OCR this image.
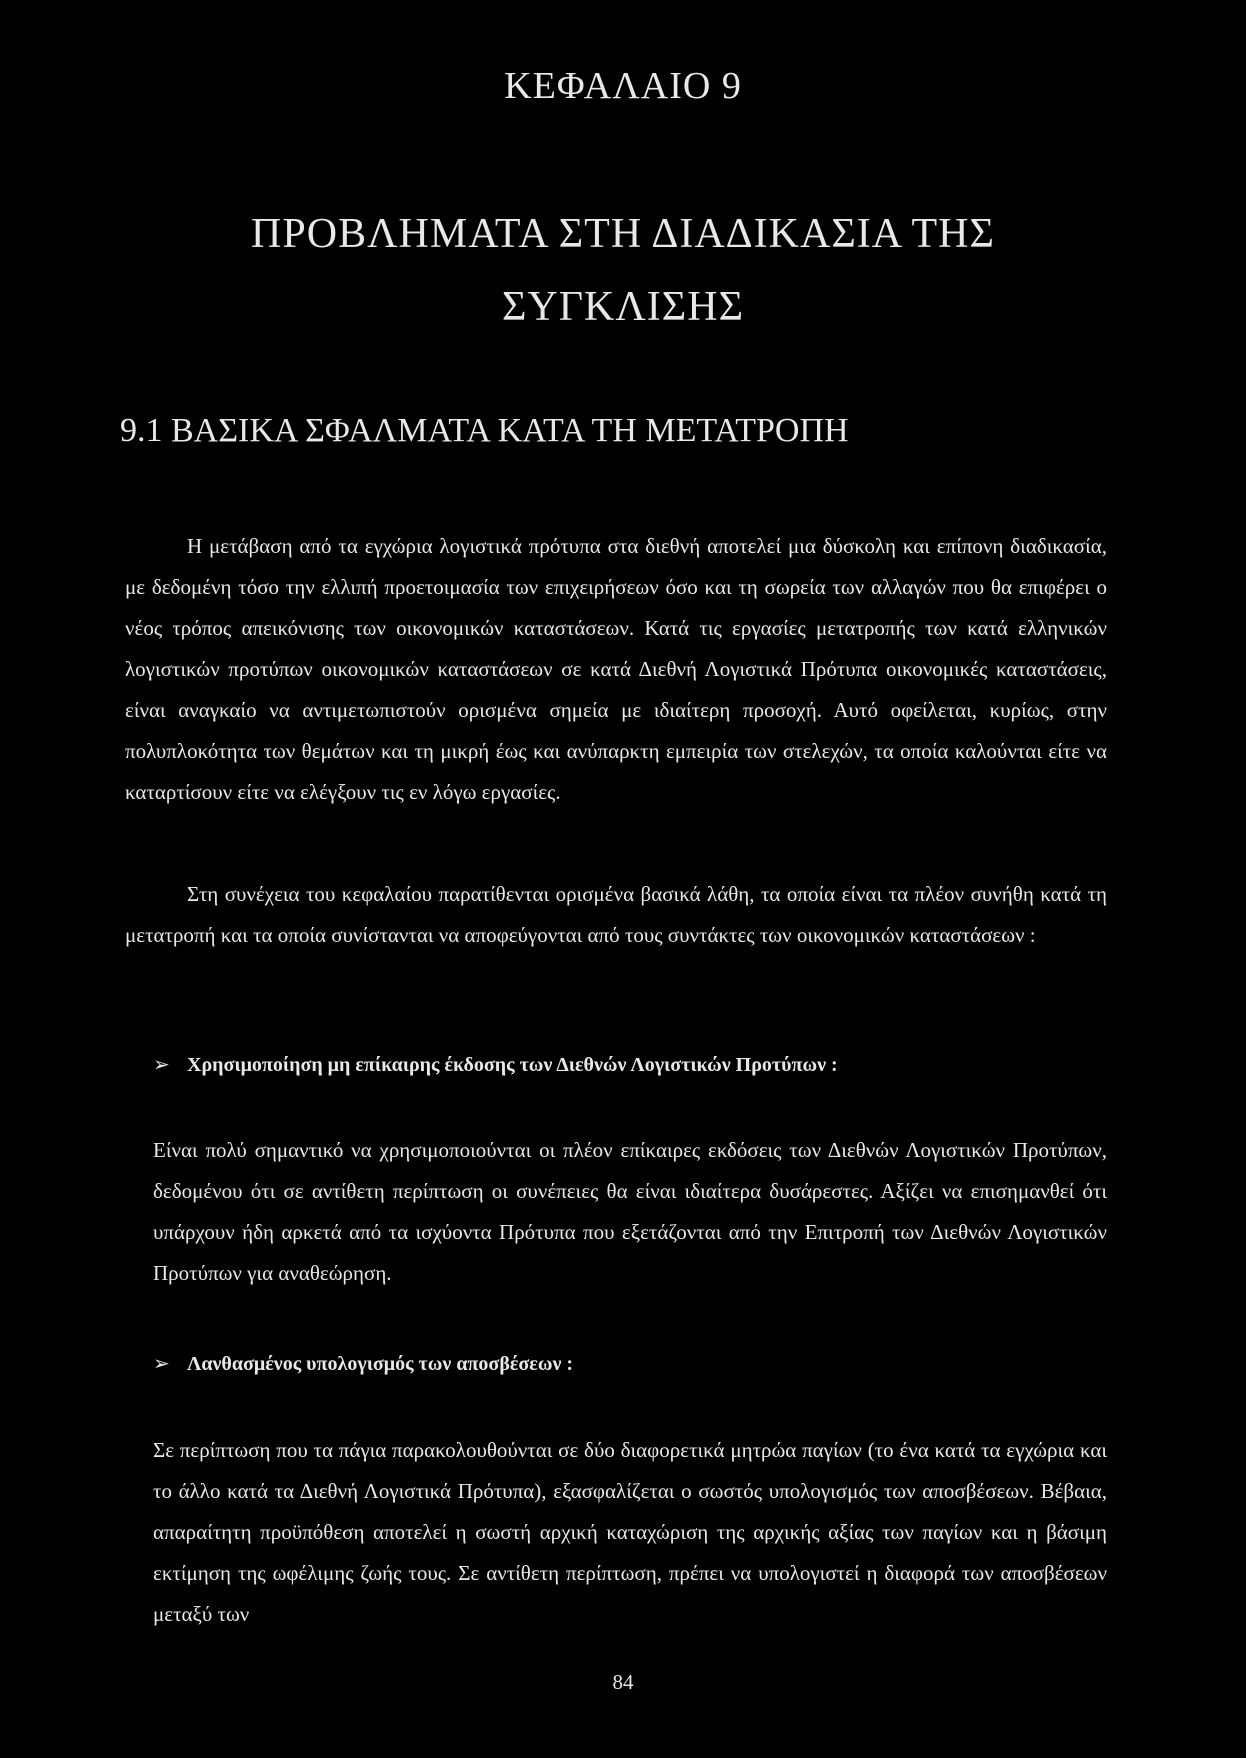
ΚΕΦΑΛΑΙΟ 9
ΠΡΟΒΛΗΜΑΤΑ ΣΤΗ ΔΙΑΔΙΚΑΣΙΑ ΤΗΣ
ΣΥΓΚΛΙΣΗΣ
9.1 ΒΑΣΙΚΑ ΣΦΑΛΜΑΤΑ ΚΑΤΑ ΤΗ ΜΕΤΑΤΡΟΠΗ

Η μετάβαση από τα εγχώρια λογιστικά πρότυπα στα διεθνή αποτελεί μια δύσκολη και επίπονη διαδικασία, με δεδομένη τόσο την ελλιπή προετοιμασία των επιχειρήσεων όσο και τη σωρεία των αλλαγών που θα επιφέρει ο νέος τρόπος απεικόνισης των οικονομικών καταστάσεων. Κατά τις εργασίες μετατροπής των κατά ελληνικών λογιστικών προτύπων οικονομικών καταστάσεων σε κατά Διεθνή Λογιστικά Πρότυπα οικονομικές καταστάσεις, είναι αναγκαίο να αντιμετωπιστούν ορισμένα σημεία με ιδιαίτερη προσοχή. Αυτό οφείλεται, κυρίως, στην πολυπλοκότητα των θεμάτων και τη μικρή έως και ανύπαρκτη εμπειρία των στελεχών, τα οποία καλούνται είτε να καταρτίσουν είτε να ελέγξουν τις εν λόγω εργασίες.

Στη συνέχεια του κεφαλαίου παρατίθενται ορισμένα βασικά λάθη, τα οποία είναι τα πλέον συνήθη κατά τη μετατροπή και τα οποία συνίστανται να αποφεύγονται από τους συντάκτες των οικονομικών καταστάσεων :

➢ Χρησιμοποίηση μη επίκαιρης έκδοσης των Διεθνών Λογιστικών Προτύπων :

Είναι πολύ σημαντικό να χρησιμοποιούνται οι πλέον επίκαιρες εκδόσεις των Διεθνών Λογιστικών Προτύπων, δεδομένου ότι σε αντίθετη περίπτωση οι συνέπειες θα είναι ιδιαίτερα δυσάρεστες. Αξίζει να επισημανθεί ότι υπάρχουν ήδη αρκετά από τα ισχύοντα Πρότυπα που εξετάζονται από την Επιτροπή των Διεθνών Λογιστικών Προτύπων για αναθεώρηση.

➢ Λανθασμένος υπολογισμός των αποσβέσεων :

Σε περίπτωση που τα πάγια παρακολουθούνται σε δύο διαφορετικά μητρώα παγίων (το ένα κατά τα εγχώρια και το άλλο κατά τα Διεθνή Λογιστικά Πρότυπα), εξασφαλίζεται ο σωστός υπολογισμός των αποσβέσεων. Βέβαια, απαραίτητη προϋπόθεση αποτελεί η σωστή αρχική καταχώριση της αρχικής αξίας των παγίων και η βάσιμη εκτίμηση της ωφέλιμης ζωής τους. Σε αντίθετη περίπτωση, πρέπει να υπολογιστεί η διαφορά των αποσβέσεων μεταξύ των

84
